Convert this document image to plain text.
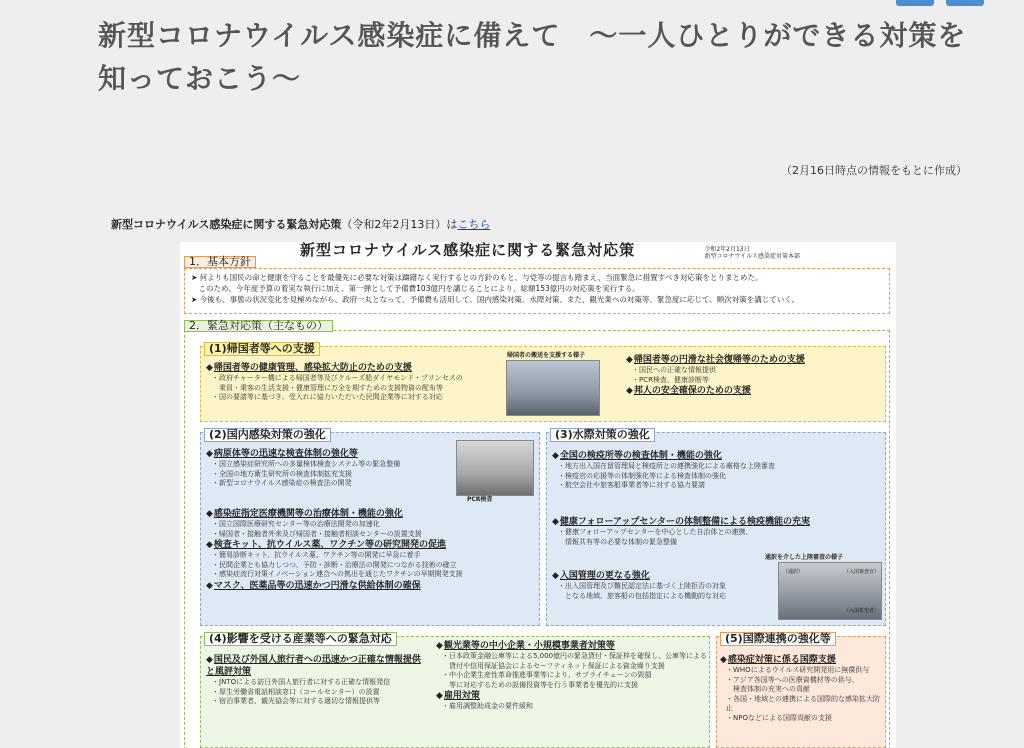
新型コロナウイルス感染症に備えて　～一人ひとりができる対策を知っておこう～
（2月16日時点の情報をもとに作成）
新型コロナウイルス感染症に関する緊急対応策（令和2年2月13日）はこちら
新型コロナウイルス感染症に関する緊急対応策	令和2年2月13日
新型コロナウイルス感染症対策本部
➤ 何よりも国民の命と健康を守ることを最優先に必要な対策は躊躇なく実行するとの方針のもと、与党等の提言も踏まえ、当面緊急に措置すべき対応策をとりまとめた。
　このため、今年度予算の着実な執行に加え、第一弾として予備費103億円を講じることにより、総額153億円の対応策を実行する。
➤ 今後も、事態の状況変化を見極めながら、政府一丸となって、予備費も活用して、国内感染対策、水際対策、また、観光業への対策等、緊急度に応じて、順次対策を講じていく。
1．基本方針
2．緊急対応策（主なもの）
(1)帰国者等への支援
◆ 帰国者等の健康管理、感染拡大防止のための支援
・政府チャーター機による帰国者等及びクルーズ船ダイヤモンド・プリンセスの
　乗員・乗客の生活支援・健康管理に万全を期すための支援物資の配布等
・国の要請等に基づき、受入れに協力いただいた民間企業等に対する対応
帰国者の搬送を支援する様子
◆	帰国者等の円滑な社会復帰等のための支援
・国民への正確な情報提供
・PCR検査、健康診断等
◆ 邦人の安全確保のための支援
(2)国内感染対策の強化
◆ 病原体等の迅速な検査体制の強化等
・国立感染症研究所への多量検体検査システム等の緊急整備
・全国の地方衛生研究所の検査体制拡充支援
・新型コロナウイルス感染症の検査法の開発
PCR検査
◆ 感染症指定医療機関等の治療体制・機能の強化
・国立国際医療研究センター等の治療法開発の加速化
・帰国者・接触者外来及び帰国者・接触者相談センターの設置支援
◆ 検査キット、抗ウイルス薬、ワクチン等の研究開発の促進
・簡易診断キット、抗ウイルス薬、ワクチン等の開発に早急に着手
・民間企業とも協力しつつ、予防・診断・治療法の開発につながる技術の確立
・感染症流行対策イノベーション連合への拠出を通じたワクチンの早期開発支援
◆ マスク、医薬品等の迅速かつ円滑な供給体制の確保
(3)水際対策の強化
◆ 全国の検疫所等の検査体制・機能の強化
・地方出入国在留管理局と検疫所との連携強化による厳格な上陸審査
・検疫官の応援等の体制強化等による検査体制の強化
・航空会社や旅客船事業者等に対する協力要請
◆ 健康フォローアップセンターの体制整備による検疫機能の充実
・健康フォローアップセンターを中心とした自治体との連携、
　情報共有等の必要な体制の緊急整備
通訳を介した上陸審査の様子
（通訳）	（入国審査官）
（入国希望者）
◆ 入国管理の更なる強化
・出入国管理及び難民認定法に基づく上陸拒否の対象
　となる地域、旅客船の包括指定による機動的な対応
(4)影響を受ける産業等への緊急対応
◆ 国民及び外国人旅行者への迅速かつ正確な情報提供と風評対策
・JNTOによる訪日外国人旅行者に対する正確な情報発信
・厚生労働省電話相談窓口（コールセンター）の設置
・宿泊事業者、観光協会等に対する適切な情報提供等
◆ 観光業等の中小企業・小規模事業者対策等
・日本政策金融公庫等による5,000億円の緊急貸付・保証枠を確保し、公庫等による
　貸付や信用保証協会によるセーフティネット保証による資金繰り支援
・中小企業生産性革命推進事業等により、サプライチェーンの毀損
　等に対応するための設備投資等を行う事業者を優先的に支援
◆ 雇用対策
・雇用調整助成金の要件緩和
(5)国際連携の強化等
◆ 感染症対策に係る国際支援
・WHOによるウイルス研究開発用に無償供与
・アジア各国等への医療資機材等の供与、
　検査体制の充実への貢献
・各国・地域との連携による国際的な感染拡大防止
・NPOなどによる国際貢献の支援
